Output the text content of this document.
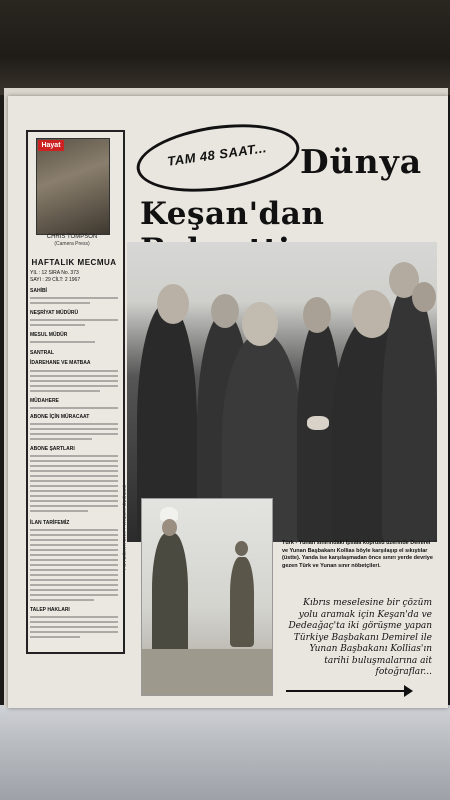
Hayat
CHRIS TOMPSON
(Camera Press)
HAFTALIK MECMUA
YIL : 12 SIRA No. 373
SAYI : 29 CİLT: 2 1967
SAHİBİ
NEŞRİYAT MÜDÜRÜ
MESUL MÜDÜR
SANTRAL
İDAREHANE VE MATBAA
MÜDAHERE
ABONE İÇİN MÜRACAAT
ABONE ŞARTLARI
İLAN TARİFEMİZ
TALEP HAKLARI
TAM 48 SAAT... Dünya
Keşan'dan
FOTOĞRAFLAR : TAMER ÜZÜMLÜ	Türk - Yunan sınırındaki İpsala köprüsü üzerinde Demirel ve Yunan Başbakanı Kollias böyle karşılaşıp el sıkıştılar (üstte). Yanda ise karşılaşmadan önce sınırı yerde devriye gezen Türk ve Yunan sınır nöbetçileri.
Kıbrıs meselesine bir çözüm yolu aramak için Keşan'da ve Dedeağaç'ta iki görüşme yapan Türkiye Başbakanı Demirel ile Yunan Başbakanı Kollias'ın tarihi buluşmalarına ait fotoğraflar...
